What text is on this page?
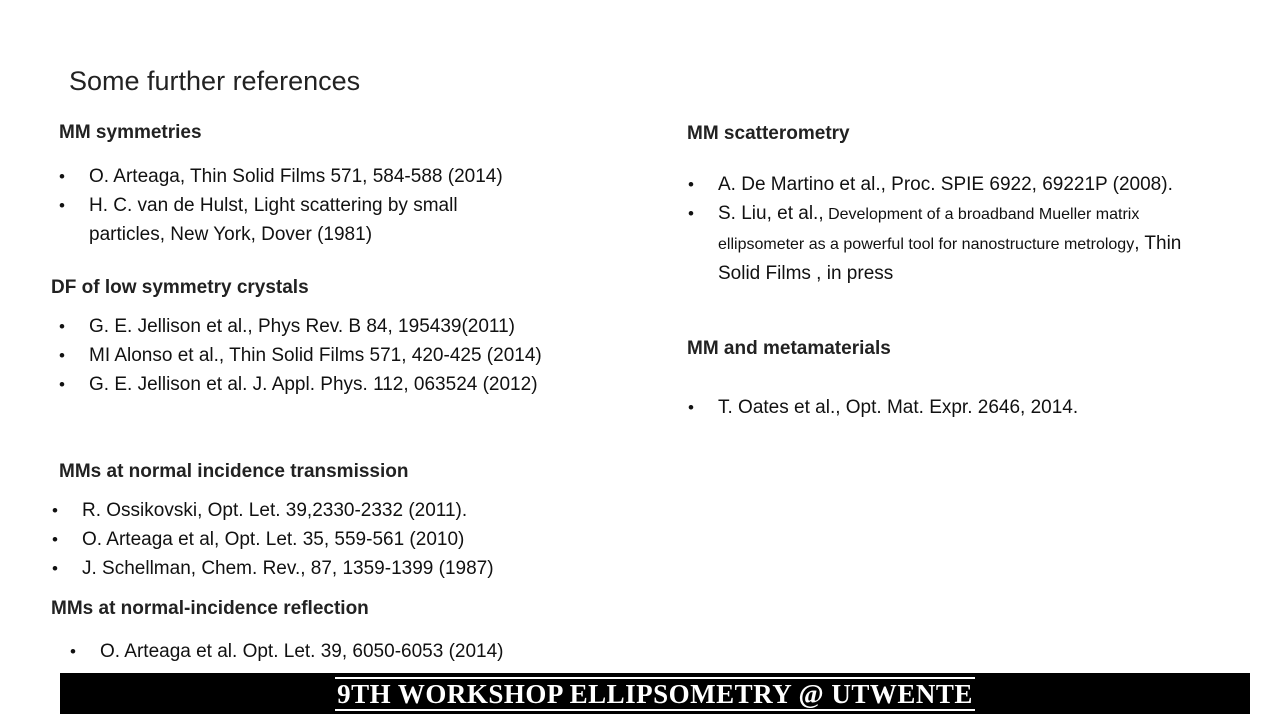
Some further references
MM symmetries
• O. Arteaga, Thin Solid Films 571, 584-588 (2014)
• H. C. van de Hulst, Light scattering by small particles, New York, Dover (1981)
DF of low symmetry crystals
• G. E. Jellison et al., Phys Rev. B 84, 195439(2011)
• MI Alonso et al., Thin Solid Films 571, 420-425 (2014)
• G. E. Jellison et al. J. Appl. Phys. 112, 063524 (2012)
MMs at normal incidence transmission
• R. Ossikovski, Opt. Let. 39,2330-2332 (2011).
• O. Arteaga et al, Opt. Let. 35, 559-561 (2010)
• J. Schellman, Chem. Rev., 87, 1359-1399 (1987)
MMs at normal-incidence reflection
• O. Arteaga et al. Opt. Let. 39, 6050-6053 (2014)
MM scatterometry
• A. De Martino et al., Proc. SPIE 6922, 69221P (2008).
• S. Liu, et al., Development of a broadband Mueller matrix ellipsometer as a powerful tool for nanostructure metrology, Thin Solid Films , in press
MM and metamaterials
• T. Oates et al., Opt. Mat. Expr. 2646, 2014.
9TH WORKSHOP ELLIPSOMETRY @ UTWENTE
